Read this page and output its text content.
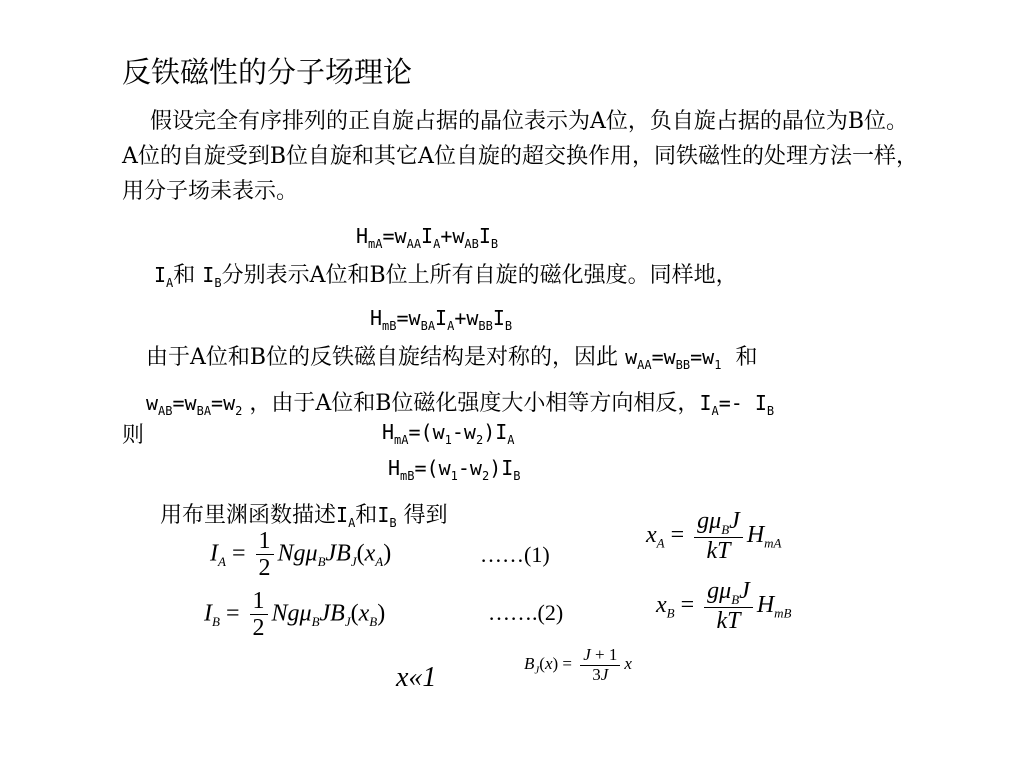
反铁磁性的分子场理论
假设完全有序排列的正自旋占据的晶位表示为A位，负自旋占据的晶位为B位。A位的自旋受到B位自旋和其它A位自旋的超交换作用，同铁磁性的处理方法一样，用分子场耒表示。
$H_{mA}=w_{AA}I_A+w_{AB}I_B$
$I_A$和 $I_B$分别表示A位和B位上所有自旋的磁化强度。同样地，
$H_{mB}=w_{BA}I_A+w_{BB}I_B$
由于A位和B位的反铁磁自旋结构是对称的，因此 $w_{AA}=w_{BB}=w_1$ 和
$w_{AB}=w_{BA}=w_2$ ，由于A位和B位磁化强度大小相等方向相反，$I_A=-$ $I_B$
则	$H_{mA}=(w_1-w_2)I_A$
$H_{mB}=(w_1-w_2)I_B$
用布里渊函数描述$I_A$和$I_B$ 得到
$I_A = \frac{1}{2} Ng\mu_BJB_J(x_A)$	……(1)
$x_A = \frac{g\mu_BJ}{kT} H_{mA}$
$I_B = \frac{1}{2} Ng\mu_BJB_J(x_B)$	…….(2)	$x_B = \frac{g\mu_BJ}{kT} H_{mB}$
x«1	$B_J(x) = \frac{J + 1}{3J}$ x
